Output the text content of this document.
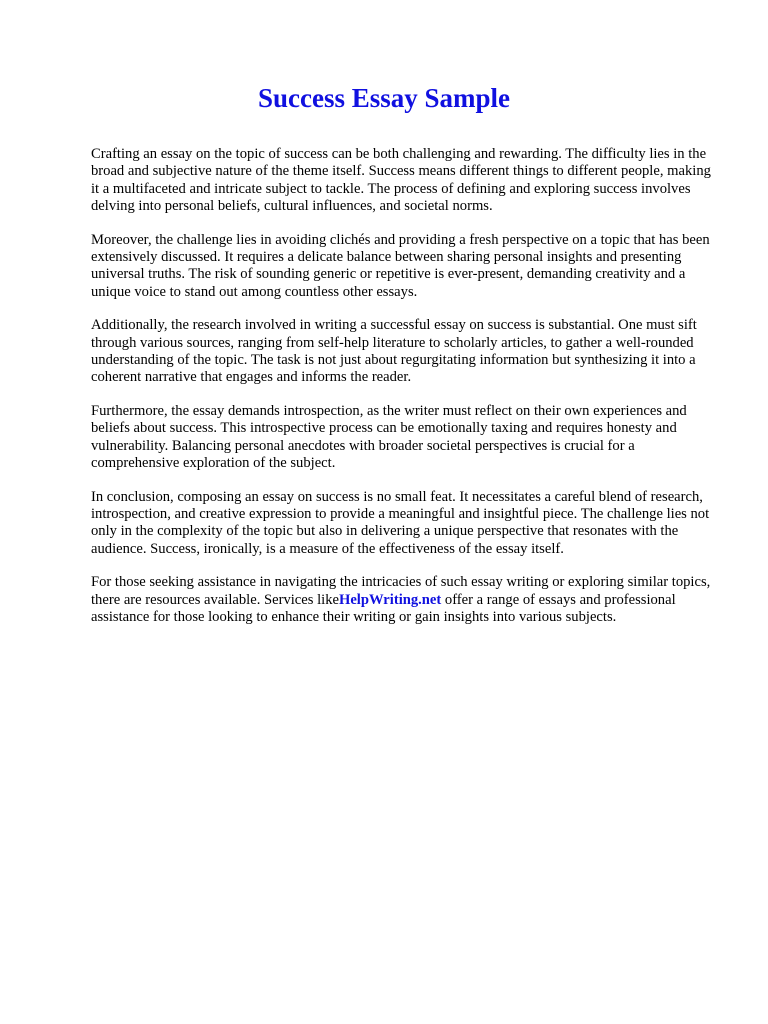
Success Essay Sample

Crafting an essay on the topic of success can be both challenging and rewarding. The difficulty lies in the broad and subjective nature of the theme itself. Success means different things to different people, making it a multifaceted and intricate subject to tackle. The process of defining and exploring success involves delving into personal beliefs, cultural influences, and societal norms.

Moreover, the challenge lies in avoiding clichés and providing a fresh perspective on a topic that has been extensively discussed. It requires a delicate balance between sharing personal insights and presenting universal truths. The risk of sounding generic or repetitive is ever-present, demanding creativity and a unique voice to stand out among countless other essays.

Additionally, the research involved in writing a successful essay on success is substantial. One must sift through various sources, ranging from self-help literature to scholarly articles, to gather a well-rounded understanding of the topic. The task is not just about regurgitating information but synthesizing it into a coherent narrative that engages and informs the reader.

Furthermore, the essay demands introspection, as the writer must reflect on their own experiences and beliefs about success. This introspective process can be emotionally taxing and requires honesty and vulnerability. Balancing personal anecdotes with broader societal perspectives is crucial for a comprehensive exploration of the subject.

In conclusion, composing an essay on success is no small feat. It necessitates a careful blend of research, introspection, and creative expression to provide a meaningful and insightful piece. The challenge lies not only in the complexity of the topic but also in delivering a unique perspective that resonates with the audience. Success, ironically, is a measure of the effectiveness of the essay itself.

For those seeking assistance in navigating the intricacies of such essay writing or exploring similar topics, there are resources available. Services likeHelpWriting.net offer a range of essays and professional assistance for those looking to enhance their writing or gain insights into various subjects.
